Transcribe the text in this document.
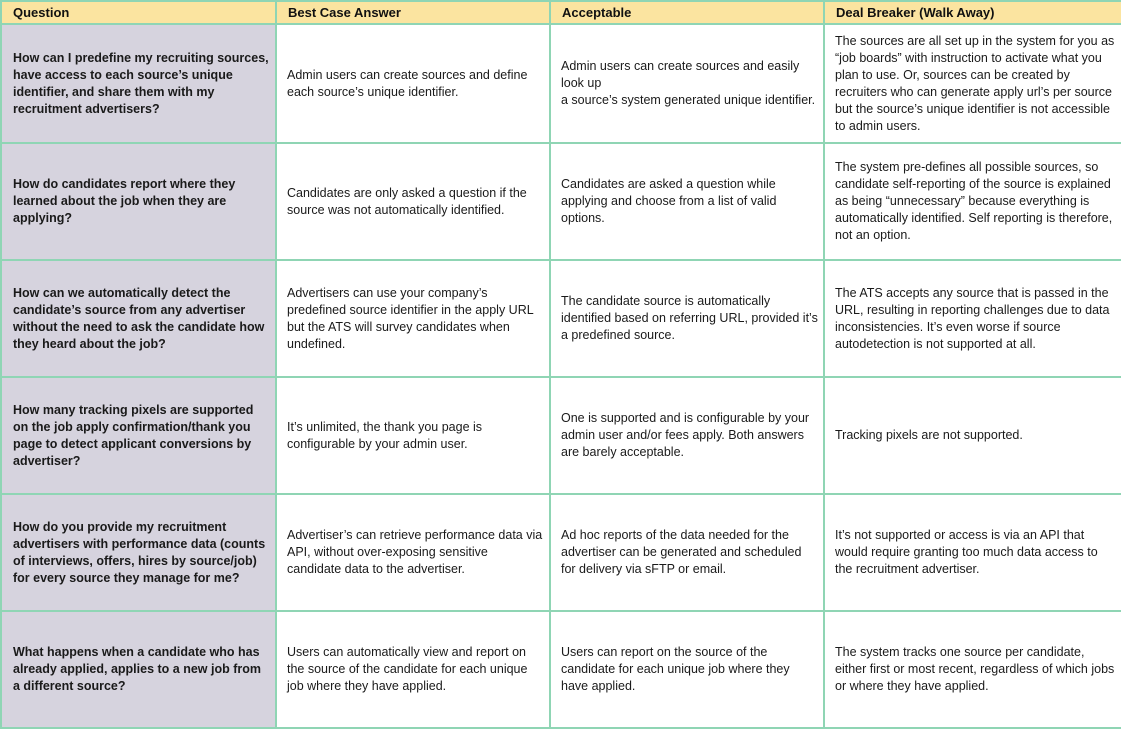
Question	Best Case Answer	Acceptable	Deal Breaker (Walk Away)

How can I predefine my recruiting sources, have access to each source’s unique identifier, and share them with my recruitment advertisers?	Admin users can create sources and define each source’s unique identifier.	Admin users can create sources and easily look up
a source’s system generated unique identifier.	The sources are all set up in the system for you as “job boards” with instruction to activate what you plan to use. Or, sources can be created by recruiters who can generate apply url’s per source but the source’s unique identifier is not accessible to admin users.

How do candidates report where they learned about the job when they are applying?	Candidates are only asked a question if the source was not automatically identified.	Candidates are asked a question while applying and choose from a list of valid options.	The system pre-defines all possible sources, so candidate self-reporting of the source is explained as being “unnecessary” because everything is automatically identified. Self reporting is therefore, not an option.

How can we automatically detect the candidate’s source from any advertiser without the need to ask the candidate how they heard about the job?	Advertisers can use your company’s predefined source identifier in the apply URL but the ATS will survey candidates when undefined.	The candidate source is automatically identified based on referring URL, provided it’s a predefined source.	The ATS accepts any source that is passed in the URL, resulting in reporting challenges due to data inconsistencies. It’s even worse if source autodetection is not supported at all.

How many tracking pixels are supported on the job apply confirmation/thank you page to detect applicant conversions by advertiser?	It’s unlimited, the thank you page is configurable by your admin user.	One is supported and is configurable by your admin user and/or fees apply. Both answers are barely acceptable.	Tracking pixels are not supported.

How do you provide my recruitment advertisers with performance data (counts of interviews, offers, hires by source/job) for every source they manage for me?	Advertiser’s can retrieve performance data via API, without over-exposing sensitive candidate data to the advertiser.	Ad hoc reports of the data needed for the advertiser can be generated and scheduled for delivery via sFTP or email.	It’s not supported or access is via an API that would require granting too much data access to the recruitment advertiser.

What happens when a candidate who has already applied, applies to a new job from a different source?	Users can automatically view and report on the source of the candidate for each unique job where they have applied.	Users can report on the source of the candidate for each unique job where they have applied.	The system tracks one source per candidate, either first or most recent, regardless of which jobs or where they have applied.
